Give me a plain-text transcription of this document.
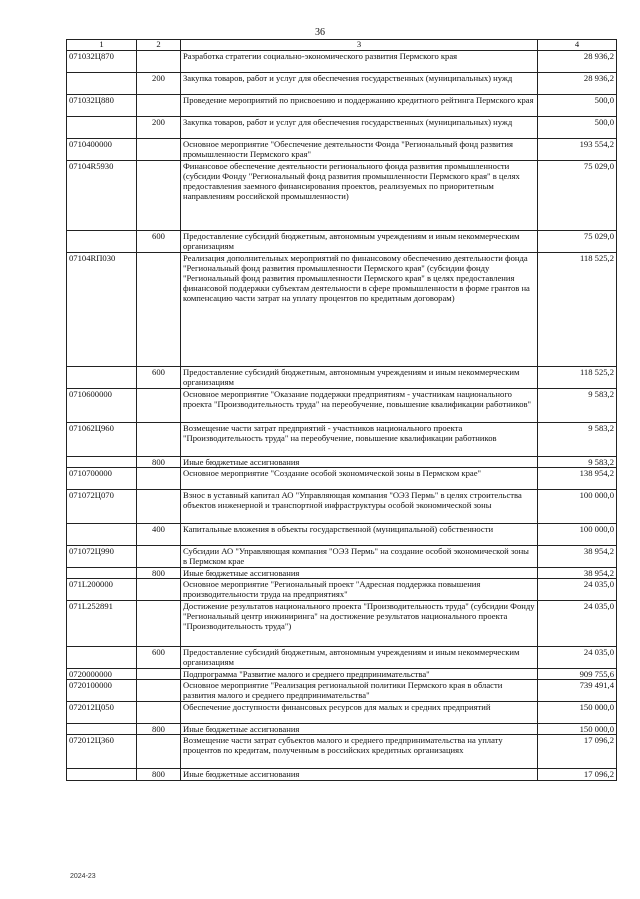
36
1	2	3	4
071032Ц870		Разработка стратегии социально-экономического развития Пермского края	28 936,2
	200	Закупка товаров, работ и услуг для обеспечения государственных (муниципальных) нужд	28 936,2
071032Ц880		Проведение мероприятий по присвоению и поддержанию кредитного рейтинга Пермского края	500,0
	200	Закупка товаров, работ и услуг для обеспечения государственных (муниципальных) нужд	500,0
0710400000		Основное мероприятие "Обеспечение деятельности Фонда "Региональный фонд развития промышленности Пермского края"	193 554,2
07104R5930		Финансовое обеспечение деятельности регионального фонда развития промышленности (субсидии Фонду "Региональный фонд развития промышленности Пермского края" в целях предоставления заемного финансирования проектов, реализуемых по приоритетным направлениям российской промышленности)	75 029,0
	600	Предоставление субсидий бюджетным, автономным учреждениям и иным некоммерческим организациям	75 029,0
07104RП030		Реализация дополнительных мероприятий по финансовому обеспечению деятельности фонда "Региональный фонд развития промышленности Пермского края" (субсидии фонду "Региональный фонд развития промышленности Пермского края" в целях предоставления финансовой поддержки субъектам деятельности в сфере промышленности в форме грантов на компенсацию части затрат на уплату процентов по кредитным договорам)	118 525,2
	600	Предоставление субсидий бюджетным, автономным учреждениям и иным некоммерческим организациям	118 525,2
0710600000		Основное мероприятие "Оказание поддержки предприятиям - участникам национального проекта "Производительность труда" на переобучение, повышение квалификации работников"	9 583,2
071062Ц960		Возмещение части затрат предприятий - участников национального проекта "Производительность труда" на переобучение, повышение квалификации работников	9 583,2
	800	Иные бюджетные ассигнования	9 583,2
0710700000		Основное мероприятие "Создание особой экономической зоны в Пермском крае"	138 954,2
071072Ц070		Взнос в уставный капитал АО "Управляющая компания "ОЭЗ Пермь" в целях строительства объектов инженерной и транспортной инфраструктуры особой экономической зоны	100 000,0
	400	Капитальные вложения в объекты государственной (муниципальной) собственности	100 000,0
071072Ц990		Субсидии АО "Управляющая компания "ОЭЗ Пермь" на создание особой экономической зоны в Пермском крае	38 954,2
	800	Иные бюджетные ассигнования	38 954,2
071L200000		Основное мероприятие "Региональный проект "Адресная поддержка повышения производительности труда на предприятиях"	24 035,0
071L252891		Достижение результатов национального проекта "Производительность труда" (субсидии Фонду "Региональный центр инжиниринга" на достижение результатов национального проекта "Производительность труда")	24 035,0
	600	Предоставление субсидий бюджетным, автономным учреждениям и иным некоммерческим организациям	24 035,0
0720000000		Подпрограмма "Развитие малого и среднего предпринимательства"	909 755,6
0720100000		Основное мероприятие "Реализация региональной политики Пермского края в области развития малого и среднего предпринимательства"	739 491,4
072012Ц050		Обеспечение доступности финансовых ресурсов для малых и средних предприятий	150 000,0
	800	Иные бюджетные ассигнования	150 000,0
072012Ц360		Возмещение части затрат субъектов малого и среднего предпринимательства на уплату процентов по кредитам, полученным в российских кредитных организациях	17 096,2
	800	Иные бюджетные ассигнования	17 096,2
2024-23
